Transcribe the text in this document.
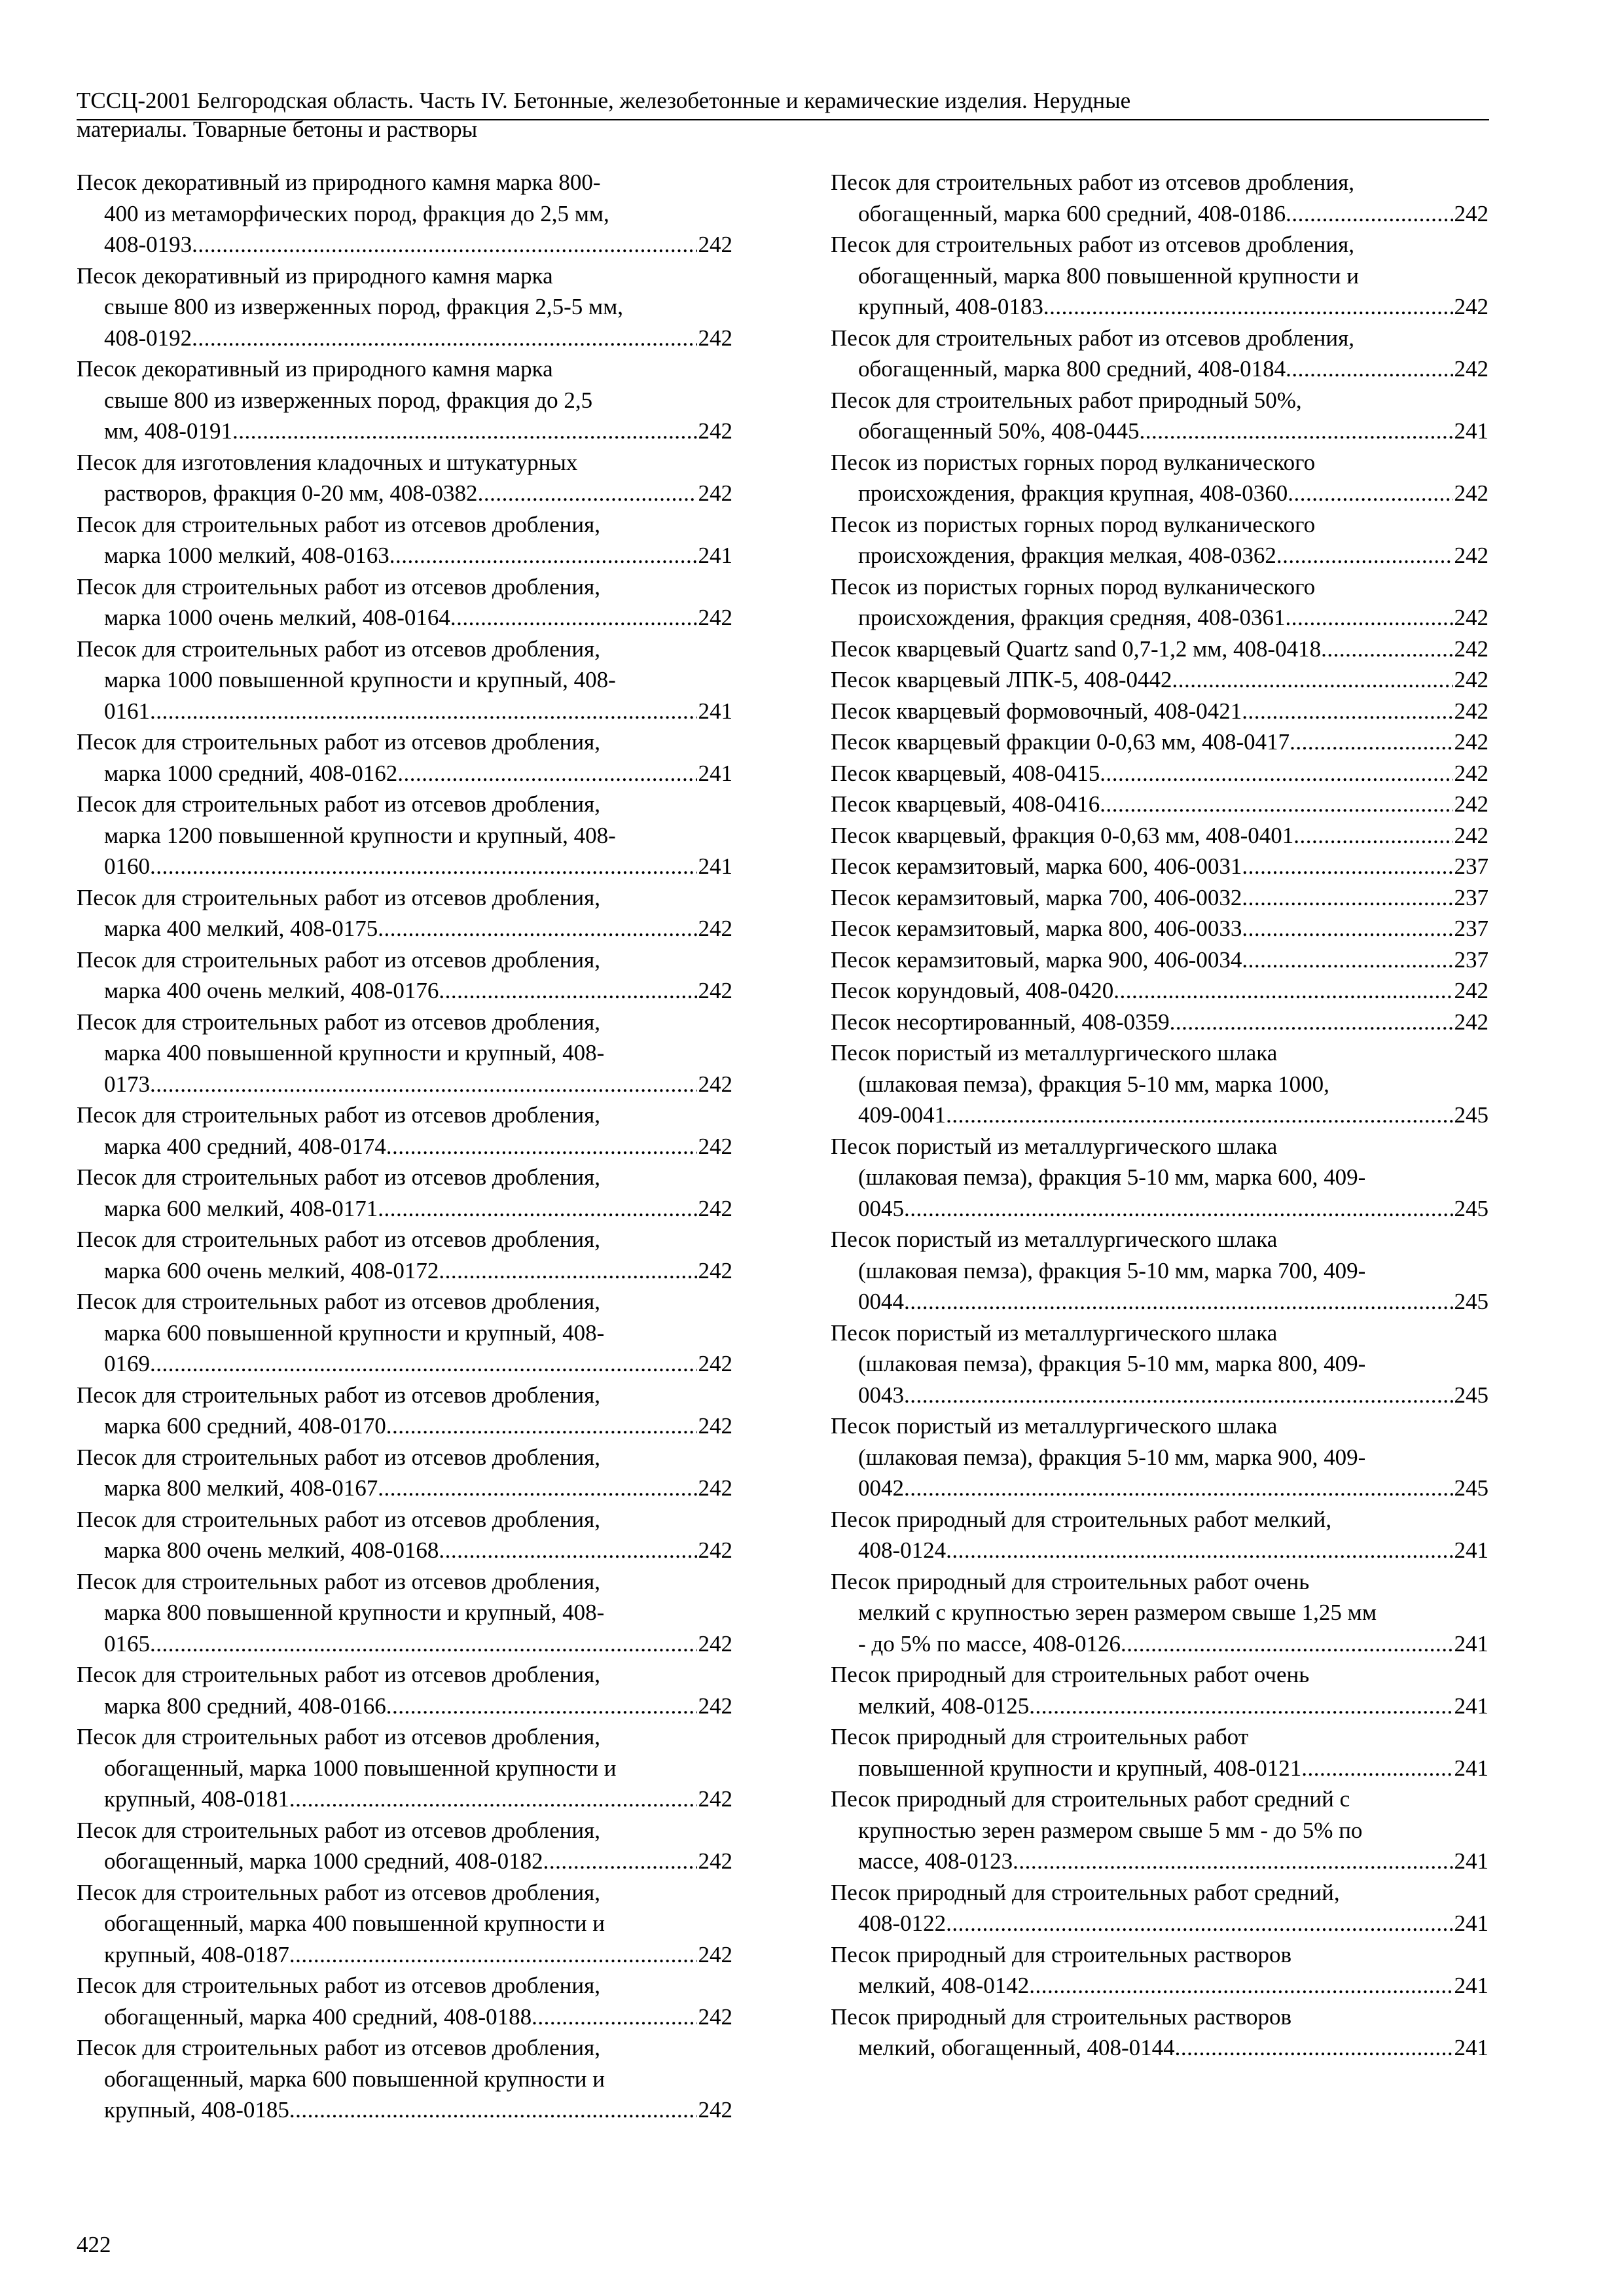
ТССЦ-2001 Белгородская область. Часть IV. Бетонные, железобетонные и керамические изделия. Нерудные
материалы. Товарные бетоны и растворы
Песок декоративный из природного камня марка 800-
400 из метаморфических пород, фракция до 2,5 мм,
408-0193 .....	242
Песок декоративный из природного камня марка
свыше 800 из изверженных пород, фракция 2,5-5 мм,
408-0192 .....	242
Песок декоративный из природного камня марка
свыше 800 из изверженных пород, фракция до 2,5
мм, 408-0191 .....	242
Песок для изготовления кладочных и штукатурных
растворов, фракция 0-20 мм, 408-0382 .....	242
Песок для строительных работ из отсевов дробления,
марка 1000 мелкий, 408-0163 .....	241
Песок для строительных работ из отсевов дробления,
марка 1000 очень мелкий, 408-0164 .....	242
Песок для строительных работ из отсевов дробления,
марка 1000 повышенной крупности и крупный, 408-
0161 .....	241
Песок для строительных работ из отсевов дробления,
марка 1000 средний, 408-0162 .....	241
Песок для строительных работ из отсевов дробления,
марка 1200 повышенной крупности и крупный, 408-
0160 .....	241
Песок для строительных работ из отсевов дробления,
марка 400 мелкий, 408-0175 .....	242
Песок для строительных работ из отсевов дробления,
марка 400 очень мелкий, 408-0176 .....	242
Песок для строительных работ из отсевов дробления,
марка 400 повышенной крупности и крупный, 408-
0173 .....	242
Песок для строительных работ из отсевов дробления,
марка 400 средний, 408-0174 .....	242
Песок для строительных работ из отсевов дробления,
марка 600 мелкий, 408-0171 .....	242
Песок для строительных работ из отсевов дробления,
марка 600 очень мелкий, 408-0172 .....	242
Песок для строительных работ из отсевов дробления,
марка 600 повышенной крупности и крупный, 408-
0169 .....	242
Песок для строительных работ из отсевов дробления,
марка 600 средний, 408-0170 .....	242
Песок для строительных работ из отсевов дробления,
марка 800 мелкий, 408-0167 .....	242
Песок для строительных работ из отсевов дробления,
марка 800 очень мелкий, 408-0168 .....	242
Песок для строительных работ из отсевов дробления,
марка 800 повышенной крупности и крупный, 408-
0165 .....	242
Песок для строительных работ из отсевов дробления,
марка 800 средний, 408-0166 .....	242
Песок для строительных работ из отсевов дробления,
обогащенный, марка 1000 повышенной крупности и
крупный, 408-0181 .....	242
Песок для строительных работ из отсевов дробления,
обогащенный, марка 1000 средний, 408-0182 .....	242
Песок для строительных работ из отсевов дробления,
обогащенный, марка 400 повышенной крупности и
крупный, 408-0187 .....	242
Песок для строительных работ из отсевов дробления,
обогащенный, марка 400 средний, 408-0188 .....	242
Песок для строительных работ из отсевов дробления,
обогащенный, марка 600 повышенной крупности и
крупный, 408-0185 .....	242
Песок для строительных работ из отсевов дробления,
обогащенный, марка 600 средний, 408-0186 .....	242
Песок для строительных работ из отсевов дробления,
обогащенный, марка 800 повышенной крупности и
крупный, 408-0183 .....	242
Песок для строительных работ из отсевов дробления,
обогащенный, марка 800 средний, 408-0184 .....	242
Песок для строительных работ природный 50%,
обогащенный 50%, 408-0445 .....	241
Песок из пористых горных пород вулканического
происхождения, фракция крупная, 408-0360 .....	242
Песок из пористых горных пород вулканического
происхождения, фракция мелкая, 408-0362 .....	242
Песок из пористых горных пород вулканического
происхождения, фракция средняя, 408-0361 .....	242
Песок кварцевый Quartz sand 0,7-1,2 мм, 408-0418 .....	242
Песок кварцевый ЛПК-5, 408-0442 .....	242
Песок кварцевый формовочный, 408-0421 .....	242
Песок кварцевый фракции 0-0,63 мм, 408-0417 .....	242
Песок кварцевый, 408-0415 .....	242
Песок кварцевый, 408-0416 .....	242
Песок кварцевый, фракция 0-0,63 мм, 408-0401 .....	242
Песок керамзитовый, марка 600, 406-0031 .....	237
Песок керамзитовый, марка 700, 406-0032 .....	237
Песок керамзитовый, марка 800, 406-0033 .....	237
Песок керамзитовый, марка 900, 406-0034 .....	237
Песок корундовый, 408-0420 .....	242
Песок несортированный, 408-0359 .....	242
Песок пористый из металлургического шлака
(шлаковая пемза), фракция 5-10 мм, марка 1000,
409-0041 .....	245
Песок пористый из металлургического шлака
(шлаковая пемза), фракция 5-10 мм, марка 600, 409-
0045 .....	245
Песок пористый из металлургического шлака
(шлаковая пемза), фракция 5-10 мм, марка 700, 409-
0044 .....	245
Песок пористый из металлургического шлака
(шлаковая пемза), фракция 5-10 мм, марка 800, 409-
0043 .....	245
Песок пористый из металлургического шлака
(шлаковая пемза), фракция 5-10 мм, марка 900, 409-
0042 .....	245
Песок природный для строительных работ мелкий,
408-0124 .....	241
Песок природный для строительных работ очень
мелкий с крупностью зерен размером свыше 1,25 мм
- до 5% по массе, 408-0126 .....	241
Песок природный для строительных работ очень
мелкий, 408-0125 .....	241
Песок природный для строительных работ
повышенной крупности и крупный, 408-0121 .....	241
Песок природный для строительных работ средний с
крупностью зерен размером свыше 5 мм - до 5% по
массе, 408-0123 .....	241
Песок природный для строительных работ средний,
408-0122 .....	241
Песок природный для строительных растворов
мелкий, 408-0142 .....	241
Песок природный для строительных растворов
мелкий, обогащенный, 408-0144 .....	241
422
